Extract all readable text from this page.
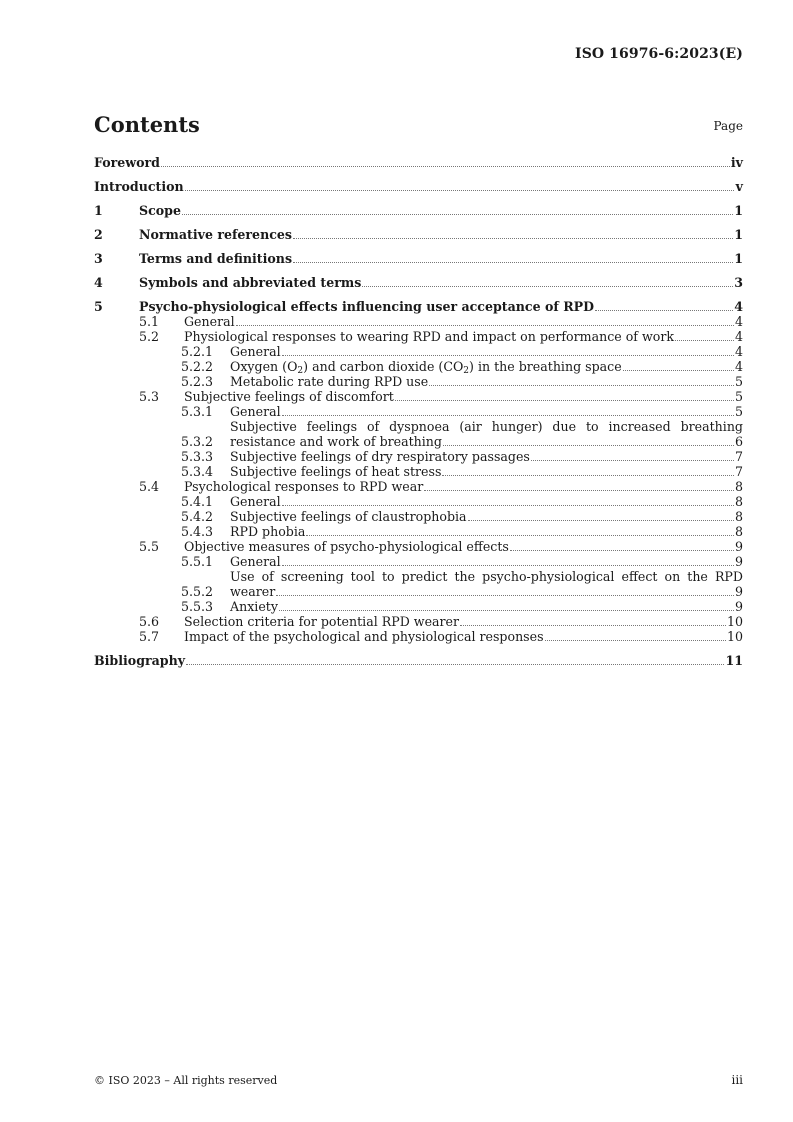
ISO 16976-6:2023(E)
Contents	Page
Foreword	iv
Introduction	v
1	Scope	1
2	Normative references	1
3	Terms and definitions	1
4	Symbols and abbreviated terms	3
5	Psycho-physiological effects influencing user acceptance of RPD	4
5.1	General	4
5.2	Physiological responses to wearing RPD and impact on performance of work	4
5.2.1	General	4
5.2.2	Oxygen $(O_2)$ and carbon dioxide $(CO_2)$ in the breathing space	4
5.2.3	Metabolic rate during RPD use	5
5.3	Subjective feelings of discomfort	5
5.3.1	General	5
5.3.2
Subjective feelings of dyspnoea (air hunger) due to increased breathing
resistance and work of breathing	6
5.3.3	Subjective feelings of dry respiratory passages	7
5.3.4	Subjective feelings of heat stress	7
5.4	Psychological responses to RPD wear	8
5.4.1	General	8
5.4.2	Subjective feelings of claustrophobia	8
5.4.3	RPD phobia	8
5.5	Objective measures of psycho-physiological effects	9
5.5.1	General	9
5.5.2
Use of screening tool to predict the psycho-physiological effect on the RPD
wearer	9
5.5.3	Anxiety	9
5.6	Selection criteria for potential RPD wearer	10
5.7	Impact of the psychological and physiological responses	10
Bibliography	11
© ISO 2023 – All rights reserved	iii
